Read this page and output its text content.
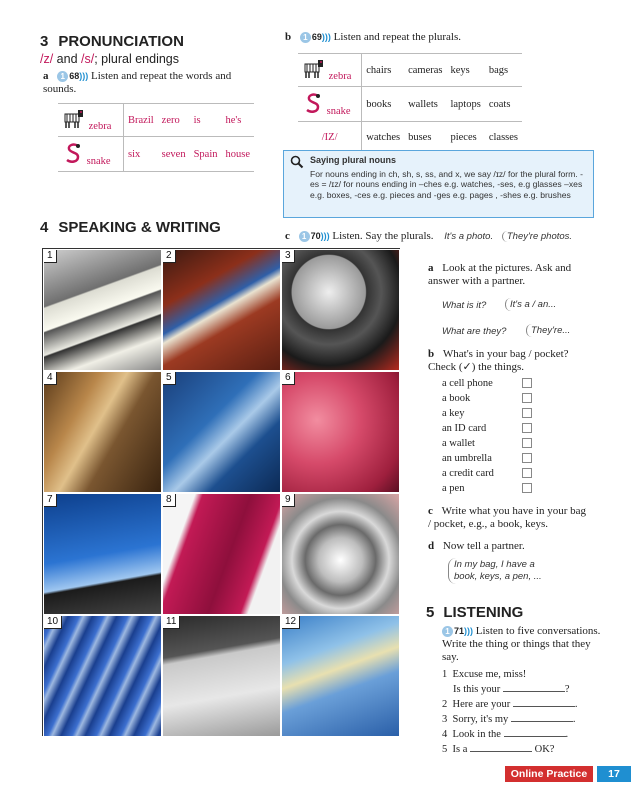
3 PRONUNCIATION
/z/ and /s/; plural endings
a 1 68))) Listen and repeat the words and sounds.
zebra	Brazil	zero	is	he's
snake	six	seven	Spain	house
b 1 69))) Listen and repeat the plurals.
zebra	chairs	cameras	keys	bags
snake	books	wallets	laptops	coats
/IZ/	watches	buses	pieces	classes
Saying plural nouns
For nouns ending in ch, sh, s, ss, and x, we say /ɪz/ for the plural form. - es = /ɪz/ for nouns ending in –ches e.g. watches, -ses, e.g glasses –xes e.g. boxes, -ces e.g. pieces and -ges e.g. pages , -shes e.g. brushes
c 1 70))) Listen. Say the plurals. It's a photo. They're photos.
4 SPEAKING & WRITING
1	2	3
4	5	6
7	8	9
10	11	12
a Look at the pictures. Ask and answer with a partner.
What is it?	It's a / an...
What are they?	They're...
b What's in your bag / pocket? Check (✓) the things.
a cell phone
a book
a key
an ID card
a wallet
an umbrella
a credit card
a pen
c Write what you have in your bag / pocket, e.g., a book, keys.
d Now tell a partner.
In my bag, I have a book, keys, a pen, ...
5 LISTENING
1 71))) Listen to five conversations. Write the thing or things that they say.
1 Excuse me, miss!
Is this your	?
2 Here are your	.
3 Sorry, it's my	.
4 Look in the	.
5 Is a	OK?
Online Practice	17
